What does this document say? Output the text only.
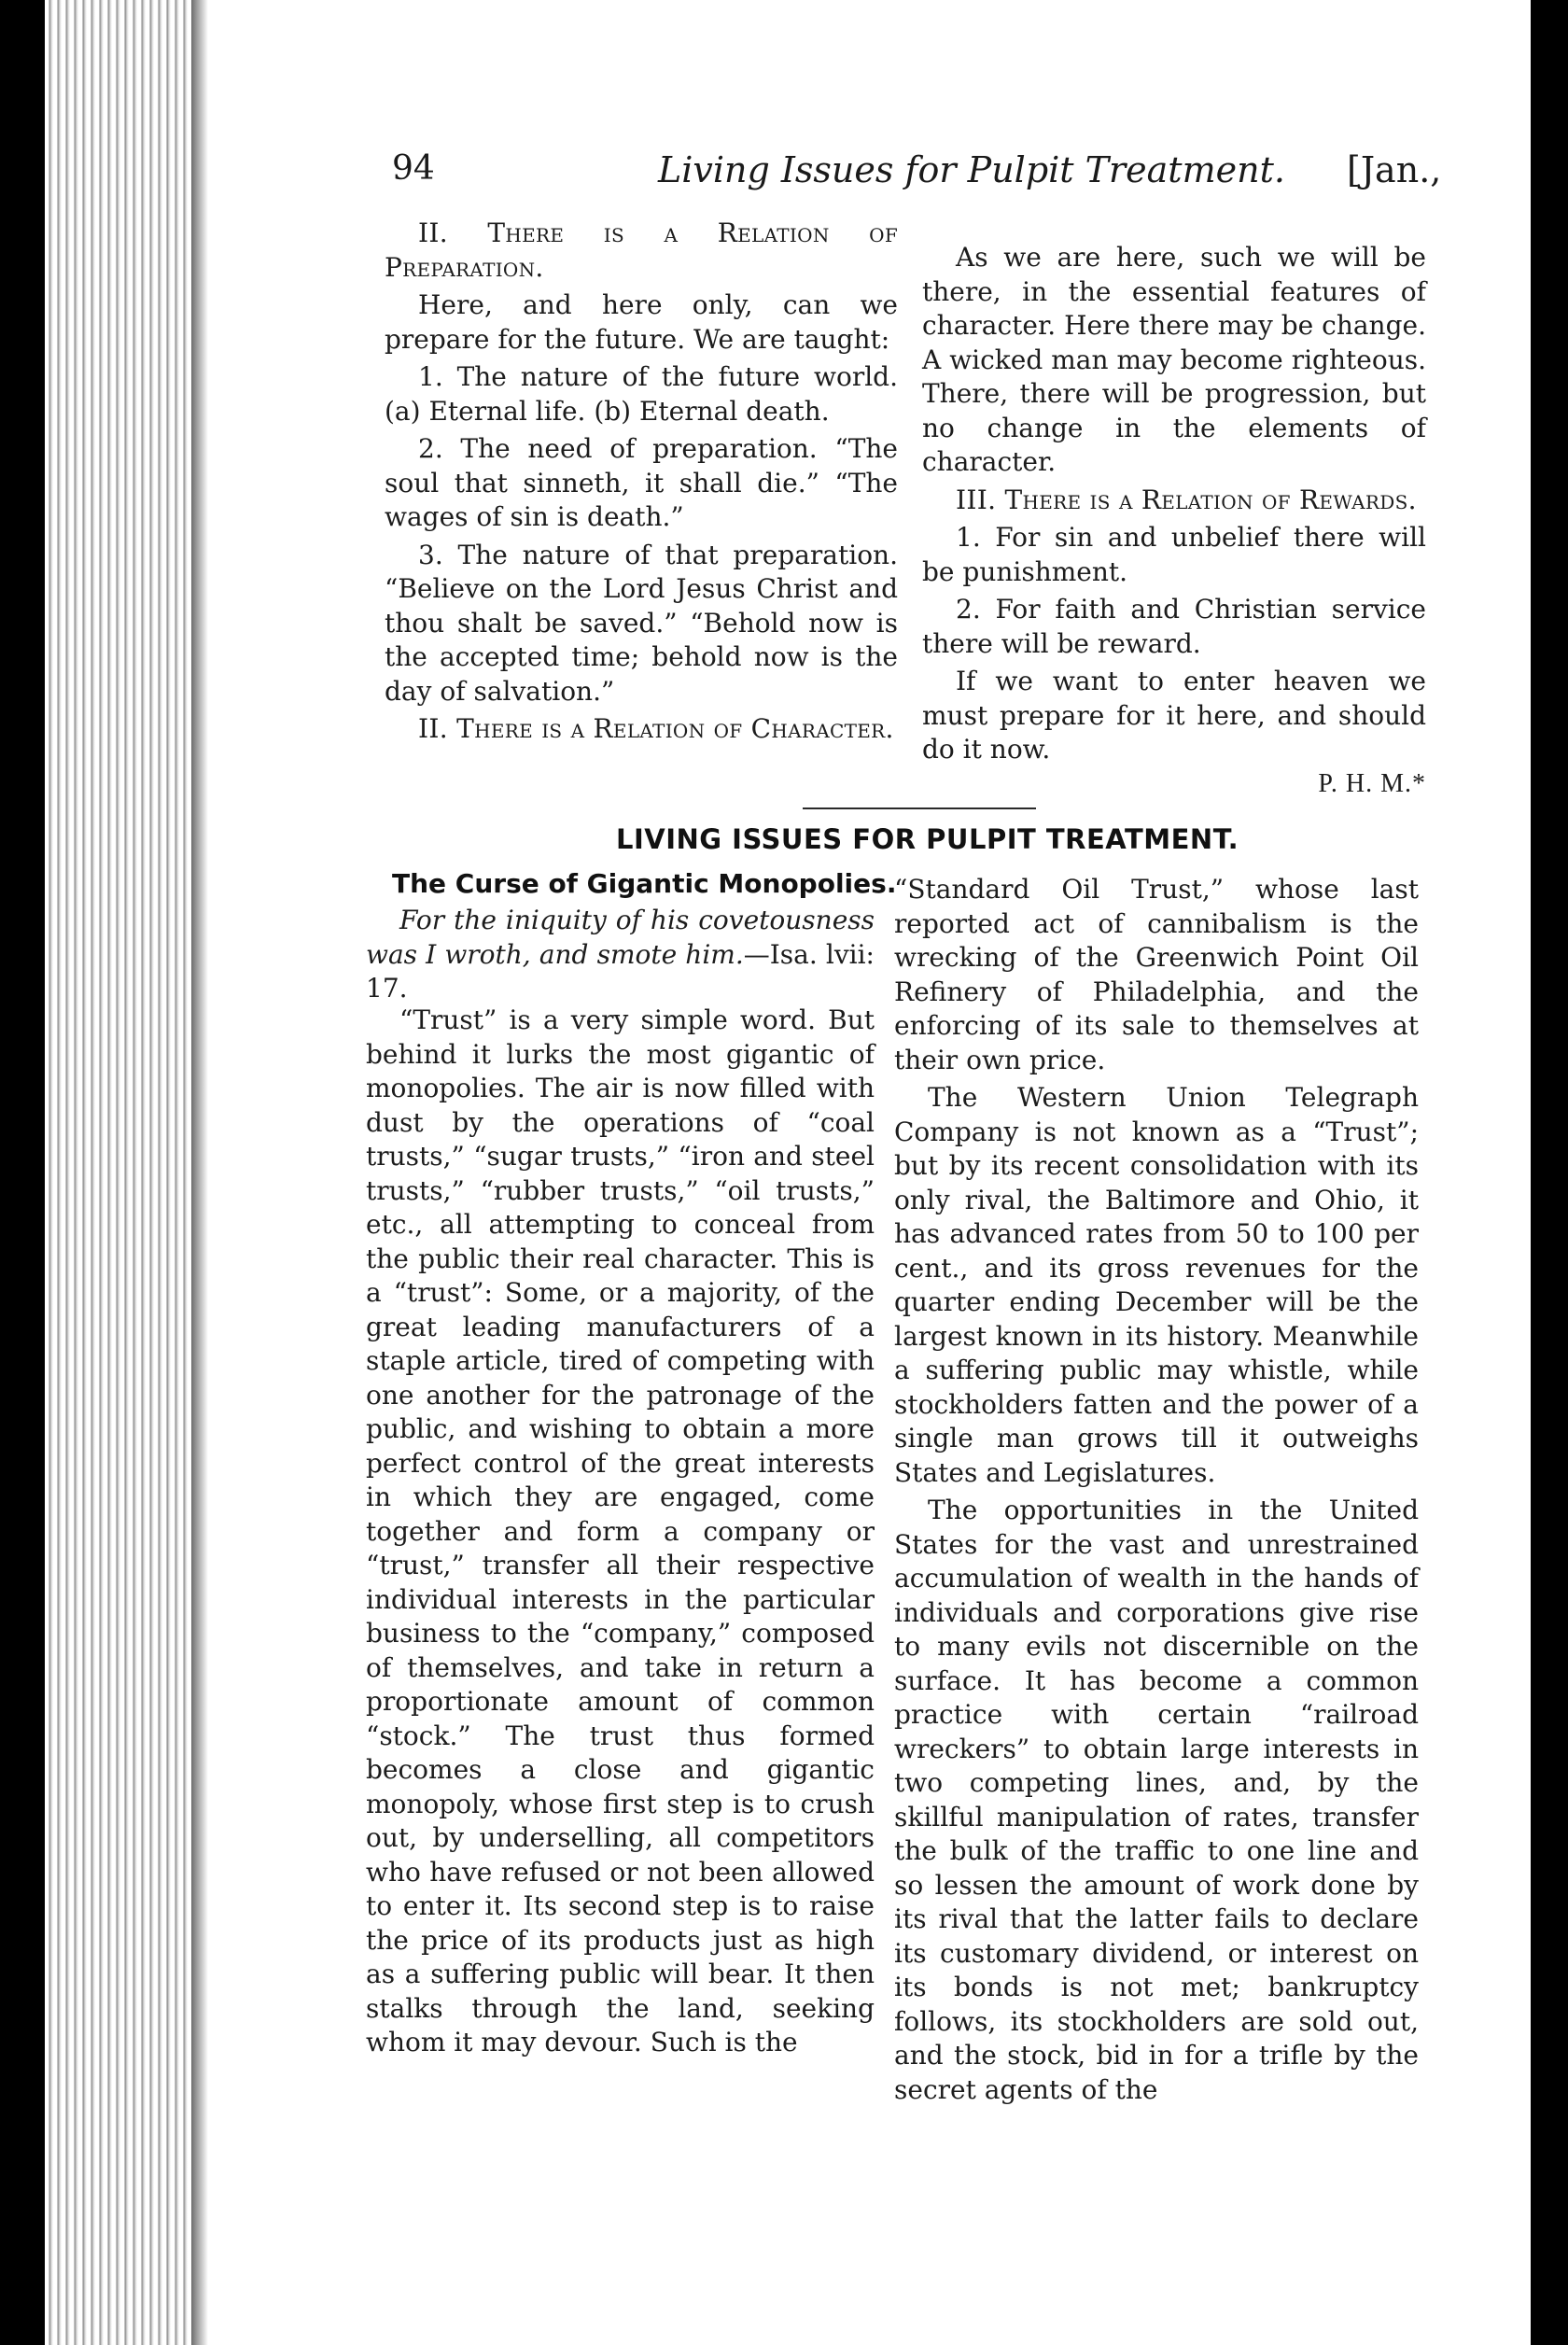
94	Living Issues for Pulpit Treatment. [Jan.,

II. There is a Relation of Preparation.

Here, and here only, can we prepare for the future. We are taught:

1. The nature of the future world. (a) Eternal life. (b) Eternal death.

2. The need of preparation. “The soul that sinneth, it shall die.” “The wages of sin is death.”

3. The nature of that preparation. “Believe on the Lord Jesus Christ and thou shalt be saved.” “Behold now is the accepted time; behold now is the day of salvation.”

II. There is a Relation of Character.

As we are here, such we will be there, in the essential features of character. Here there may be change. A wicked man may become righteous. There, there will be progression, but no change in the elements of character.

III. There is a Relation of Rewards.

1. For sin and unbelief there will be punishment.

2. For faith and Christian service there will be reward.

If we want to enter heaven we must prepare for it here, and should do it now.

P. H. M.*

LIVING ISSUES FOR PULPIT TREATMENT.
The Curse of Gigantic Monopolies.

For the iniquity of his covetousness was I wroth, and smote him.—Isa. lvii: 17.

“Trust” is a very simple word. But behind it lurks the most gigantic of monopolies. The air is now filled with dust by the operations of “coal trusts,” “sugar trusts,” “iron and steel trusts,” “rubber trusts,” “oil trusts,” etc., all attempting to conceal from the public their real character. This is a “trust”: Some, or a majority, of the great leading manufacturers of a staple article, tired of competing with one another for the patronage of the public, and wishing to obtain a more perfect control of the great interests in which they are engaged, come together and form a company or “trust,” transfer all their respective individual interests in the particular business to the “company,” composed of themselves, and take in return a proportionate amount of common “stock.” The trust thus formed becomes a close and gigantic monopoly, whose first step is to crush out, by underselling, all competitors who have refused or not been allowed to enter it. Its second step is to raise the price of its products just as high as a suffering public will bear. It then stalks through the land, seeking whom it may devour. Such is the

“Standard Oil Trust,” whose last reported act of cannibalism is the wrecking of the Greenwich Point Oil Refinery of Philadelphia, and the enforcing of its sale to themselves at their own price.

The Western Union Telegraph Company is not known as a “Trust”; but by its recent consolidation with its only rival, the Baltimore and Ohio, it has advanced rates from 50 to 100 per cent., and its gross revenues for the quarter ending December will be the largest known in its history. Meanwhile a suffering public may whistle, while stockholders fatten and the power of a single man grows till it outweighs States and Legislatures.

The opportunities in the United States for the vast and unrestrained accumulation of wealth in the hands of individuals and corporations give rise to many evils not discernible on the surface. It has become a common practice with certain “railroad wreckers” to obtain large interests in two competing lines, and, by the skillful manipulation of rates, transfer the bulk of the traffic to one line and so lessen the amount of work done by its rival that the latter fails to declare its customary dividend, or interest on its bonds is not met; bankruptcy follows, its stockholders are sold out, and the stock, bid in for a trifle by the secret agents of the
